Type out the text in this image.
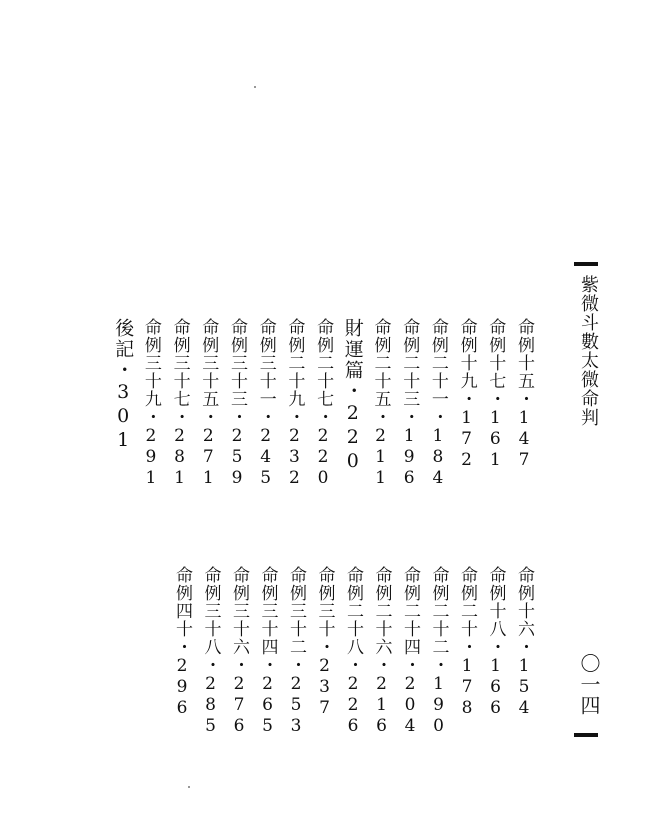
紫微斗數太微命判
〇一四
命例十五・147
命例十七・161
命例十九・172
命例二十一・184
命例二十三・196
命例二十五・211
財運篇・220
命例二十七・220
命例二十九・232
命例三十一・245
命例三十三・259
命例三十五・271
命例三十七・281
命例三十九・291
後記・301
命例十六・154
命例十八・166
命例二十・178
命例二十二・190
命例二十四・204
命例二十六・216
命例二十八・226
命例三十・237
命例三十二・253
命例三十四・265
命例三十六・276
命例三十八・285
命例四十・296
